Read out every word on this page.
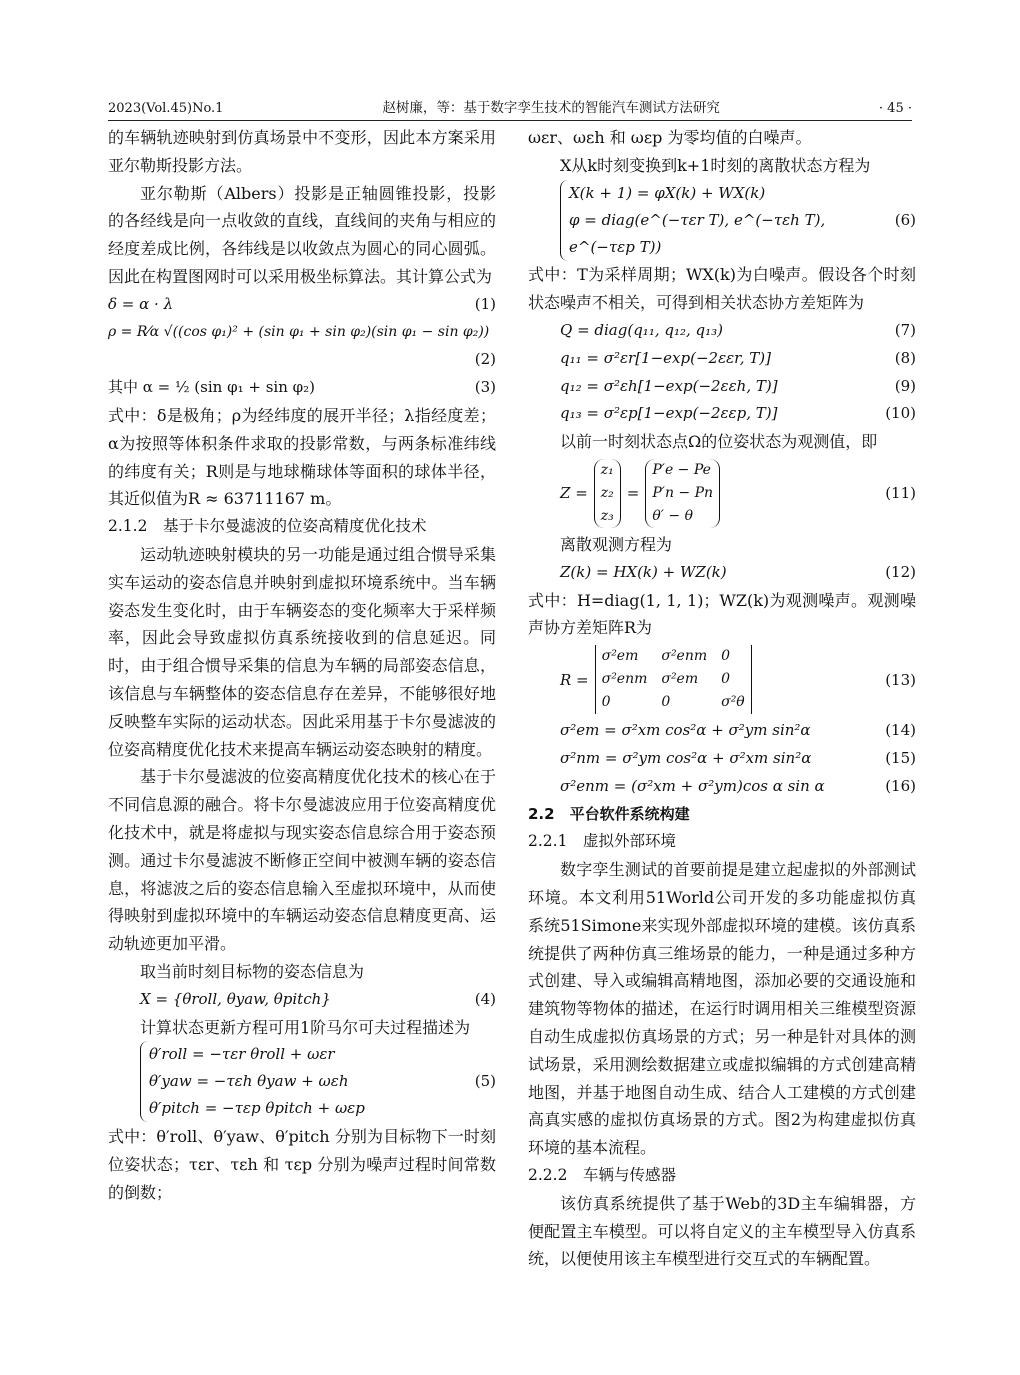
2023(Vol.45)No.1	赵树廉，等：基于数字孪生技术的智能汽车测试方法研究	· 45 ·

的车辆轨迹映射到仿真场景中不变形，因此本方案采用亚尔勒斯投影方法。

亚尔勒斯（Albers）投影是正轴圆锥投影，投影的各经线是向一点收敛的直线，直线间的夹角与相应的经度差成比例，各纬线是以收敛点为圆心的同心圆弧。因此在构置图网时可以采用极坐标算法。其计算公式为

δ = α · λ	(1)
ρ = R⁄α √((cos φ₁)² + (sin φ₁ + sin φ₂)(sin φ₁ − sin φ₂))
(2)
其中 α = ½ (sin φ₁ + sin φ₂)	(3)

式中：δ是极角；ρ为经纬度的展开半径；λ指经度差；α为按照等体积条件求取的投影常数，与两条标准纬线的纬度有关；R则是与地球椭球体等面积的球体半径，其近似值为R ≈ 63711167 m。

2.1.2　基于卡尔曼滤波的位姿高精度优化技术

运动轨迹映射模块的另一功能是通过组合惯导采集实车运动的姿态信息并映射到虚拟环境系统中。当车辆姿态发生变化时，由于车辆姿态的变化频率大于采样频率，因此会导致虚拟仿真系统接收到的信息延迟。同时，由于组合惯导采集的信息为车辆的局部姿态信息，该信息与车辆整体的姿态信息存在差异，不能够很好地反映整车实际的运动状态。因此采用基于卡尔曼滤波的位姿高精度优化技术来提高车辆运动姿态映射的精度。

基于卡尔曼滤波的位姿高精度优化技术的核心在于不同信息源的融合。将卡尔曼滤波应用于位姿高精度优化技术中，就是将虚拟与现实姿态信息综合用于姿态预测。通过卡尔曼滤波不断修正空间中被测车辆的姿态信息，将滤波之后的姿态信息输入至虚拟环境中，从而使得映射到虚拟环境中的车辆运动姿态信息精度更高、运动轨迹更加平滑。

取当前时刻目标物的姿态信息为

X = {θroll, θyaw, θpitch}	(4)

计算状态更新方程可用1阶马尔可夫过程描述为

θ′roll = −τεr θroll + ωεr
θ′yaw = −τεh θyaw + ωεh
θ′pitch = −τεp θpitch + ωεp
(5)

式中：θ′roll、θ′yaw、θ′pitch 分别为目标物下一时刻位姿状态；τεr、τεh 和 τεp 分别为噪声过程时间常数的倒数；

ωεr、ωεh 和 ωεp 为零均值的白噪声。

X从k时刻变换到k+1时刻的离散状态方程为

X(k + 1) = φX(k) + WX(k)
φ = diag(e^(−τεr T), e^(−τεh T), e^(−τεp T))
(6)

式中：T为采样周期；WX(k)为白噪声。假设各个时刻状态噪声不相关，可得到相关状态协方差矩阵为

Q = diag(q₁₁, q₁₂, q₁₃)	(7)
q₁₁ = σ²εr[1−exp(−2εεr, T)]	(8)
q₁₂ = σ²εh[1−exp(−2εεh, T)]	(9)
q₁₃ = σ²εp[1−exp(−2εεp, T)]	(10)

以前一时刻状态点Ω的位姿状态为观测值，即

Z =
z₁
z₂
z₃
=
P′e − Pe
P′n − Pn
θ′ − θ
(11)

离散观测方程为

Z(k) = HX(k) + WZ(k)	(12)

式中：H=diag(1, 1, 1)；WZ(k)为观测噪声。观测噪声协方差矩阵R为

R =
σ²em	σ²enm 0
σ²enm σ²em	0
0	0	σ²θ
(13)
σ²em = σ²xm cos²α + σ²ym sin²α	(14)
σ²nm = σ²ym cos²α + σ²xm sin²α	(15)
σ²enm = (σ²xm + σ²ym)cos α sin α	(16)

2.2　平台软件系统构建

2.2.1　虚拟外部环境

数字孪生测试的首要前提是建立起虚拟的外部测试环境。本文利用51World公司开发的多功能虚拟仿真系统51Simone来实现外部虚拟环境的建模。该仿真系统提供了两种仿真三维场景的能力，一种是通过多种方式创建、导入或编辑高精地图，添加必要的交通设施和建筑物等物体的描述，在运行时调用相关三维模型资源自动生成虚拟仿真场景的方式；另一种是针对具体的测试场景，采用测绘数据建立或虚拟编辑的方式创建高精地图，并基于地图自动生成、结合人工建模的方式创建高真实感的虚拟仿真场景的方式。图2为构建虚拟仿真环境的基本流程。

2.2.2　车辆与传感器

该仿真系统提供了基于Web的3D主车编辑器，方便配置主车模型。可以将自定义的主车模型导入仿真系统，以便使用该主车模型进行交互式的车辆配置。
